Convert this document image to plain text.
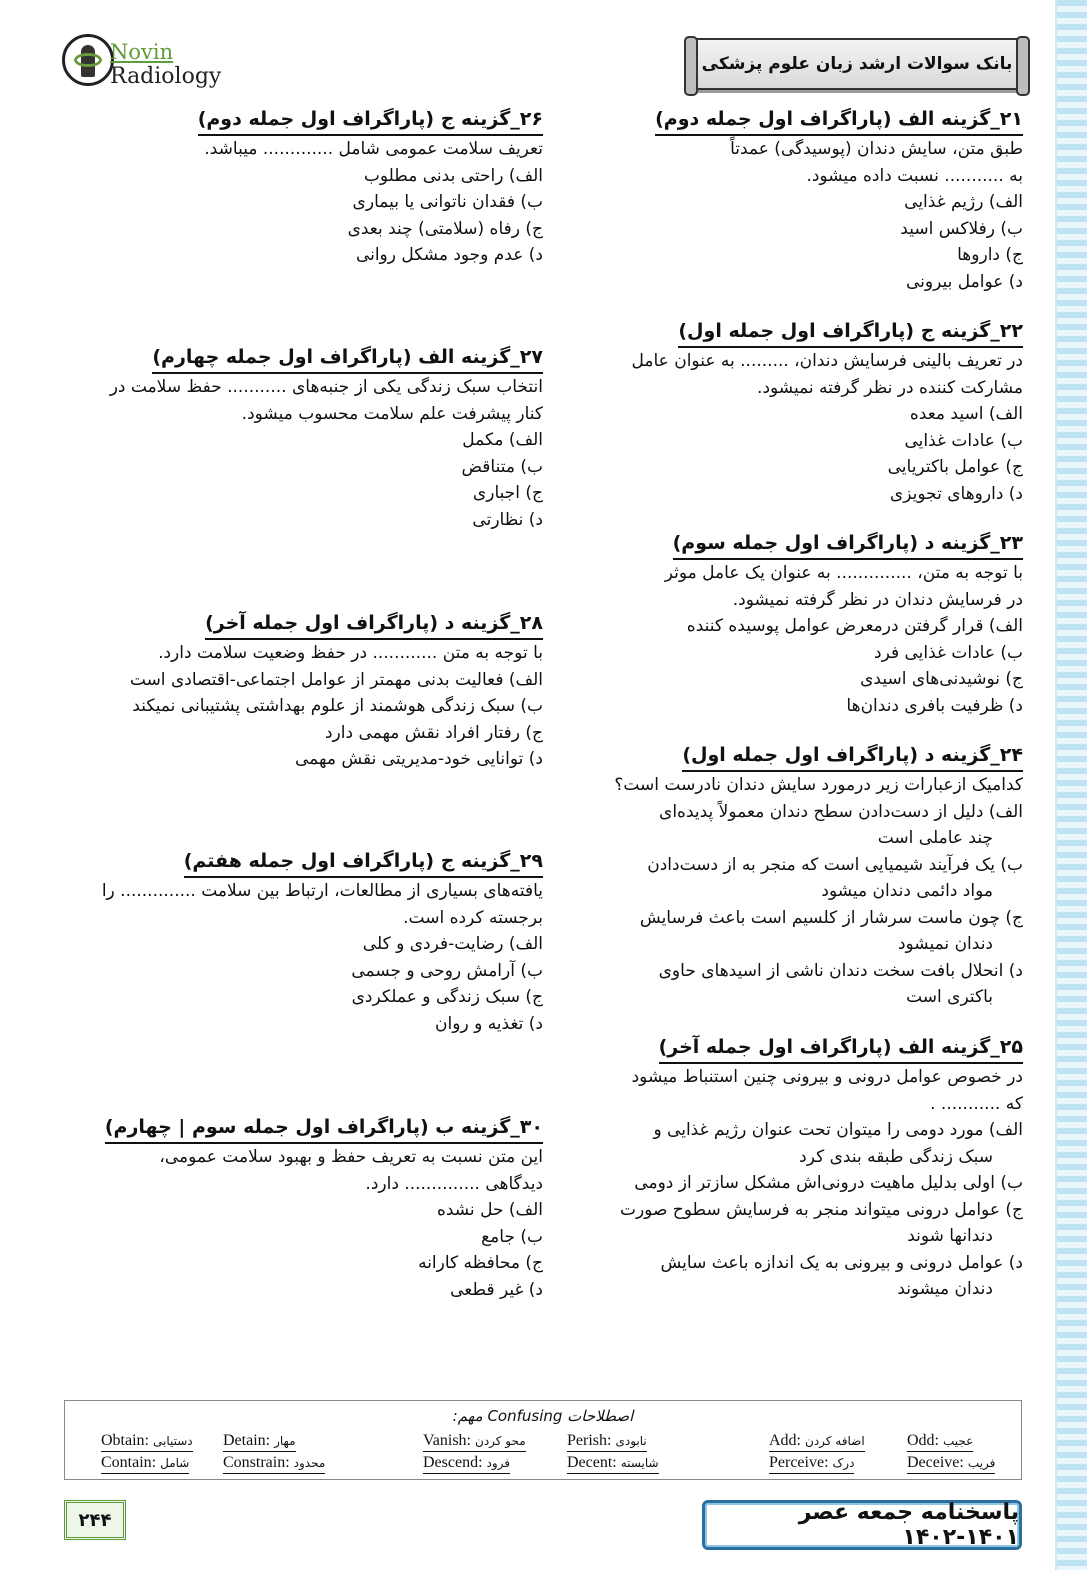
Novin
Radiology	بانک سوالات ارشد زبان علوم پزشکی
۲۱_گزینه الف (پاراگراف اول جمله دوم)
طبق متن، سایش دندان (پوسیدگی) عمدتاً
به ........... نسبت داده میشود.
الف) رژیم غذایی
ب) رفلاکس اسید
ج) داروها
د) عوامل بیرونی
۲۲_گزینه ج (پاراگراف اول جمله اول)
در تعریف بالینی فرسایش دندان، ......... به عنوان عامل
مشارکت کننده در نظر گرفته نمیشود.
الف) اسید معده
ب) عادات غذایی
ج) عوامل باکتریایی
د) داروهای تجویزی
۲۳_گزینه د (پاراگراف اول جمله سوم)
با توجه به متن، .............. به عنوان یک عامل موثر
در فرسایش دندان در نظر گرفته نمیشود.
الف) قرار گرفتن درمعرض عوامل پوسیده کننده
ب) عادات غذایی فرد
ج) نوشیدنی‌های اسیدی
د) ظرفیت بافری دندان‌ها
۲۴_گزینه د (پاراگراف اول جمله اول)
کدامیک ازعبارات زیر درمورد سایش دندان نادرست است؟
الف) دلیل از دست‌دادن سطح دندان معمولاً پدیده‌ای
چند عاملی است
ب) یک فرآیند شیمیایی است که منجر به از دست‌دادن
مواد دائمی دندان میشود
ج) چون ماست سرشار از کلسیم است باعث فرسایش
دندان نمیشود
د) انحلال بافت سخت دندان ناشی از اسیدهای حاوی
باکتری است
۲۵_گزینه الف (پاراگراف اول جمله آخر)
در خصوص عوامل درونی و بیرونی چنین استنباط میشود
که ........... .
الف) مورد دومی را میتوان تحت عنوان رژیم غذایی و
سبک زندگی طبقه بندی کرد
ب) اولی بدلیل ماهیت درونی‌اش مشکل سازتر از دومی
ج) عوامل درونی میتواند منجر به فرسایش سطوح صورت
دندانها شوند
د) عوامل درونی و بیرونی به یک اندازه باعث سایش
دندان میشوند
۲۶_گزینه ج (پاراگراف اول جمله دوم)
تعریف سلامت عمومی شامل ............. میباشد.
الف) راحتی بدنی مطلوب
ب) فقدان ناتوانی یا بیماری
ج) رفاه (سلامتی) چند بعدی
د) عدم وجود مشکل روانی
۲۷_گزینه الف (پاراگراف اول جمله چهارم)
انتخاب سبک زندگی یکی از جنبه‌های ........... حفظ سلامت در
کنار پیشرفت علم سلامت محسوب میشود.
الف) مکمل
ب) متناقض
ج) اجباری
د) نظارتی
۲۸_گزینه د (پاراگراف اول جمله آخر)
با توجه به متن ............ در حفظ وضعیت سلامت دارد.
الف) فعالیت بدنی مهمتر از عوامل اجتماعی-اقتصادی است
ب) سبک زندگی هوشمند از علوم بهداشتی پشتیبانی نمیکند
ج) رفتار افراد نقش مهمی دارد
د) توانایی خود-مدیریتی نقش مهمی
۲۹_گزینه ج (پاراگراف اول جمله هفتم)
یافته‌های بسیاری از مطالعات، ارتباط بین سلامت .............. را
برجسته کرده است.
الف) رضایت-فردی و کلی
ب) آرامش روحی و جسمی
ج) سبک زندگی و عملکردی
د) تغذیه و روان
۳۰_گزینه ب (پاراگراف اول جمله سوم | چهارم)
این متن نسبت به تعریف حفظ و بهبود سلامت عمومی،
دیدگاهی .............. دارد.
الف) حل نشده
ب) جامع
ج) محافظه کارانه
د) غیر قطعی
اصطلاحات Confusing مهم:
Odd: عجیب
Add: اضافه کردن
Perish: نابودی
Vanish: محو کردن
Detain: مهار
Obtain: دستیابی
Deceive: فریب
Perceive: درک
Decent: شایسته
Descend: فرود
Constrain: محدود
Contain: شامل
۲۴۴	پاسخنامه جمعه عصر ۱۴۰۱-۱۴۰۲
